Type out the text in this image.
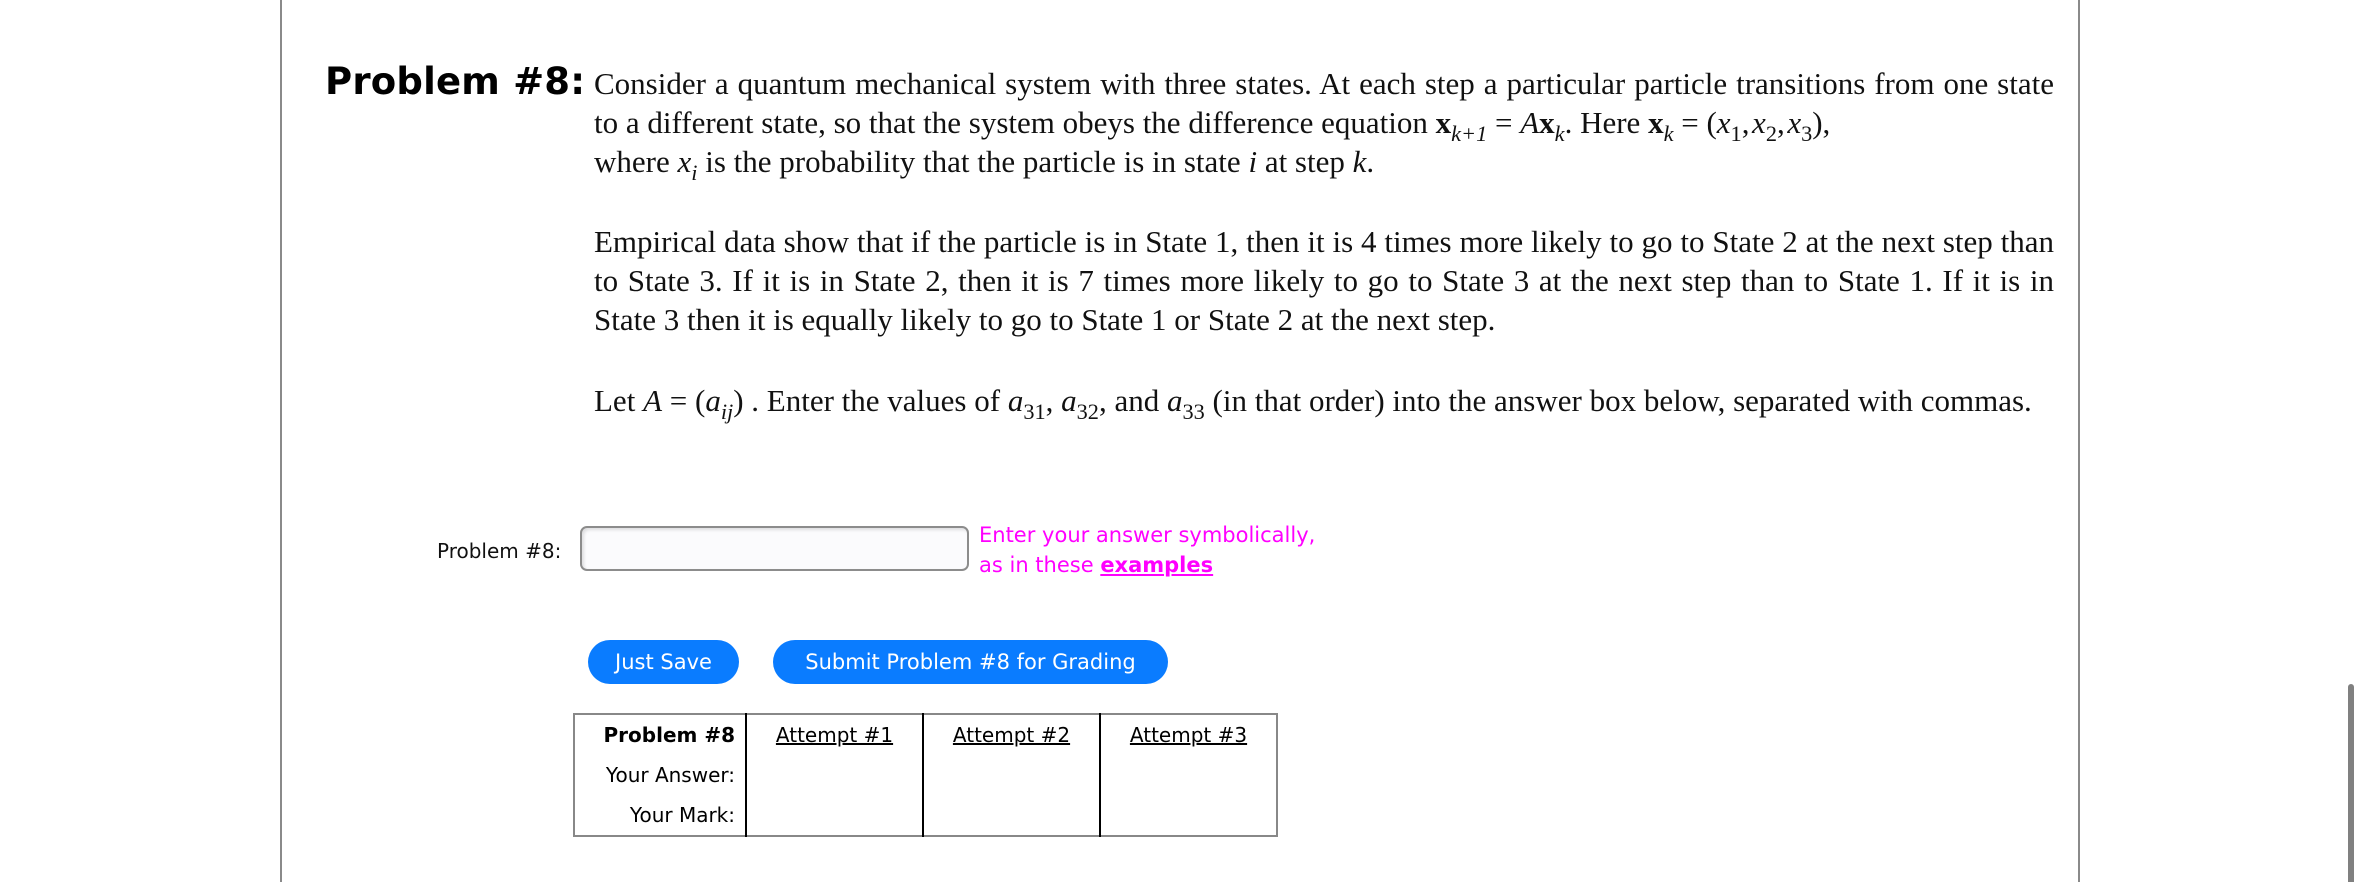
Problem #8: Consider a quantum mechanical system with three states. At each step a particular particle transitions from one state to a different state, so that the system obeys the difference equation $x_{k+1} = Ax_k$. Here $x_k = (x_1$, $x_2$, $x_3$),
where $x_i$ is the probability that the particle is in state i at step k.

Empirical data show that if the particle is in State 1, then it is 4 times more likely to go to State 2 at the next step than to State 3. If it is in State 2, then it is 7 times more likely to go to State 3 at the next step than to State 1. If it is in State 3 then it is equally likely to go to State 1 or State 2 at the next step.

Let $A = (a_{ij})$ . Enter the values of $a_{31}$, $a_{32}$, and $a_{33}$ (in that order) into the answer box below, separated with commas.

Problem #8:
Enter your answer symbolically,
as in these examples
Just Save	Submit Problem #8 for Grading
Problem #8	Attempt #1	Attempt #2	Attempt #3
Your Answer:			
Your Mark:			
